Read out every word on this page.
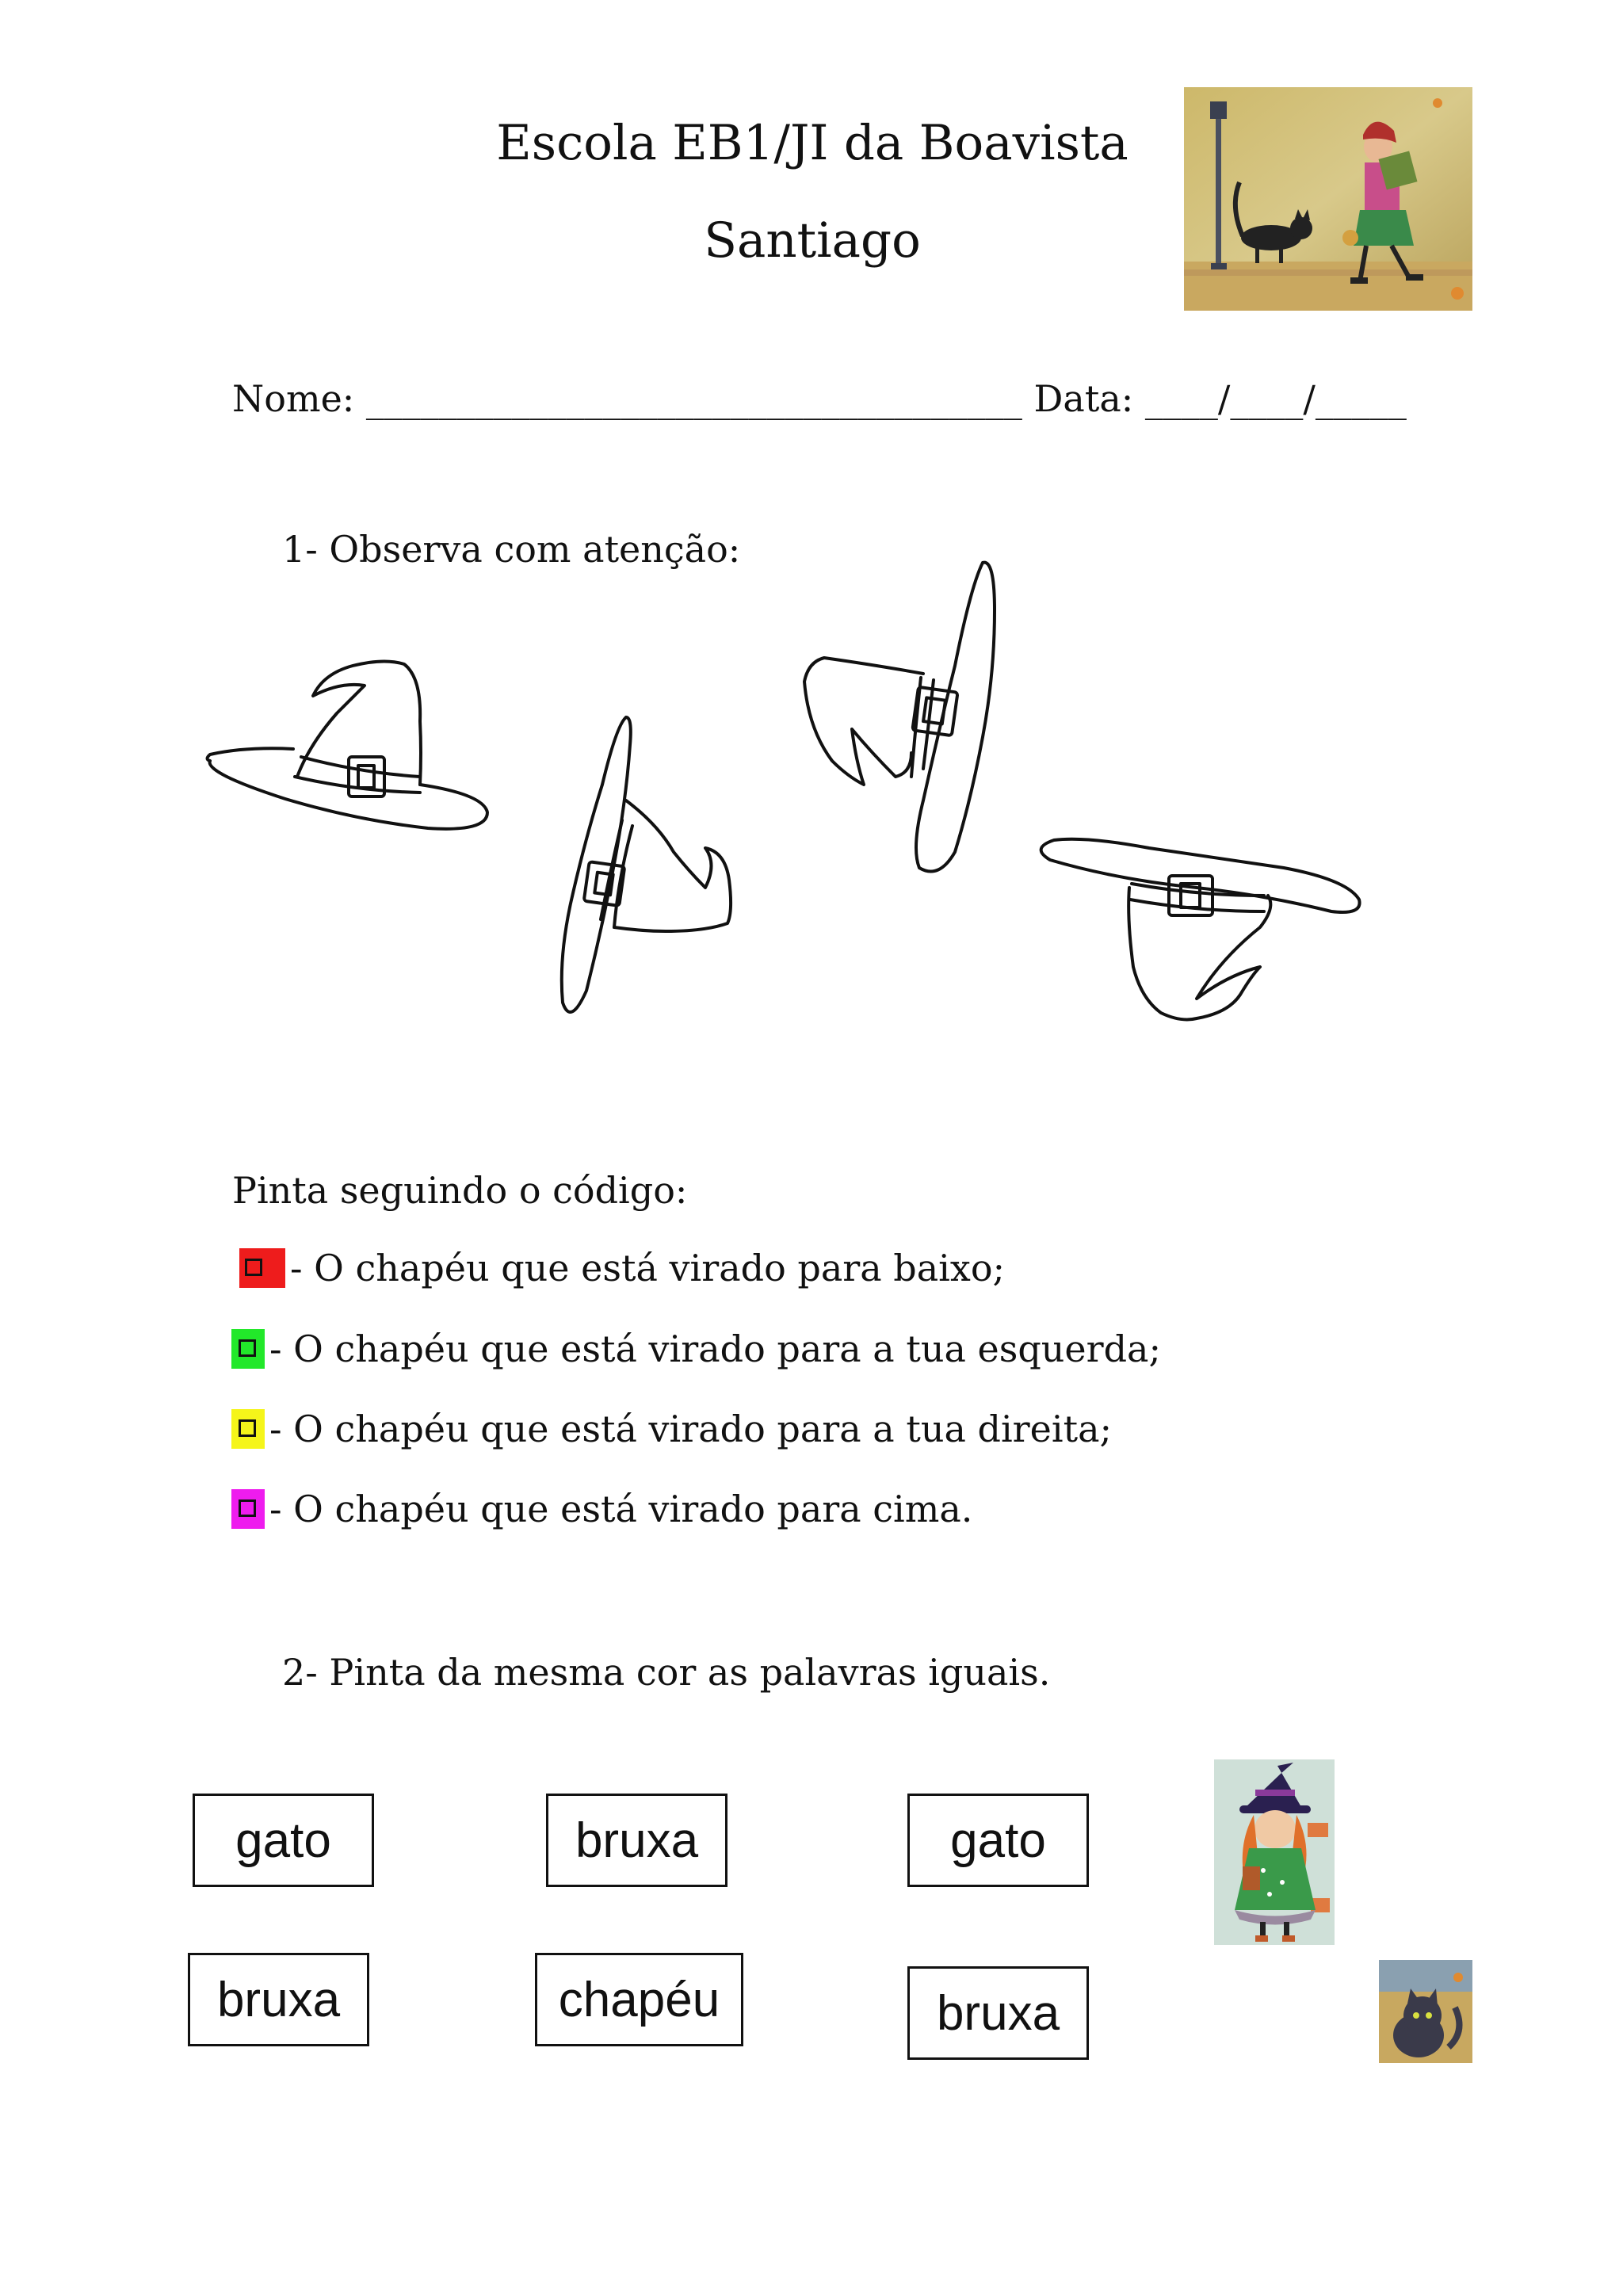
Escola EB1/JI da Boavista
Santiago
Nome: ____________________________________ Data: ____/____/_____
1- Observa com atenção:
Pinta seguindo o código:
- O chapéu que está virado para baixo;
- O chapéu que está virado para a tua esquerda;
- O chapéu que está virado para a tua direita;
- O chapéu que está virado para cima.
2- Pinta da mesma cor as palavras iguais.
gato	bruxa	gato
bruxa	chapéu	bruxa
